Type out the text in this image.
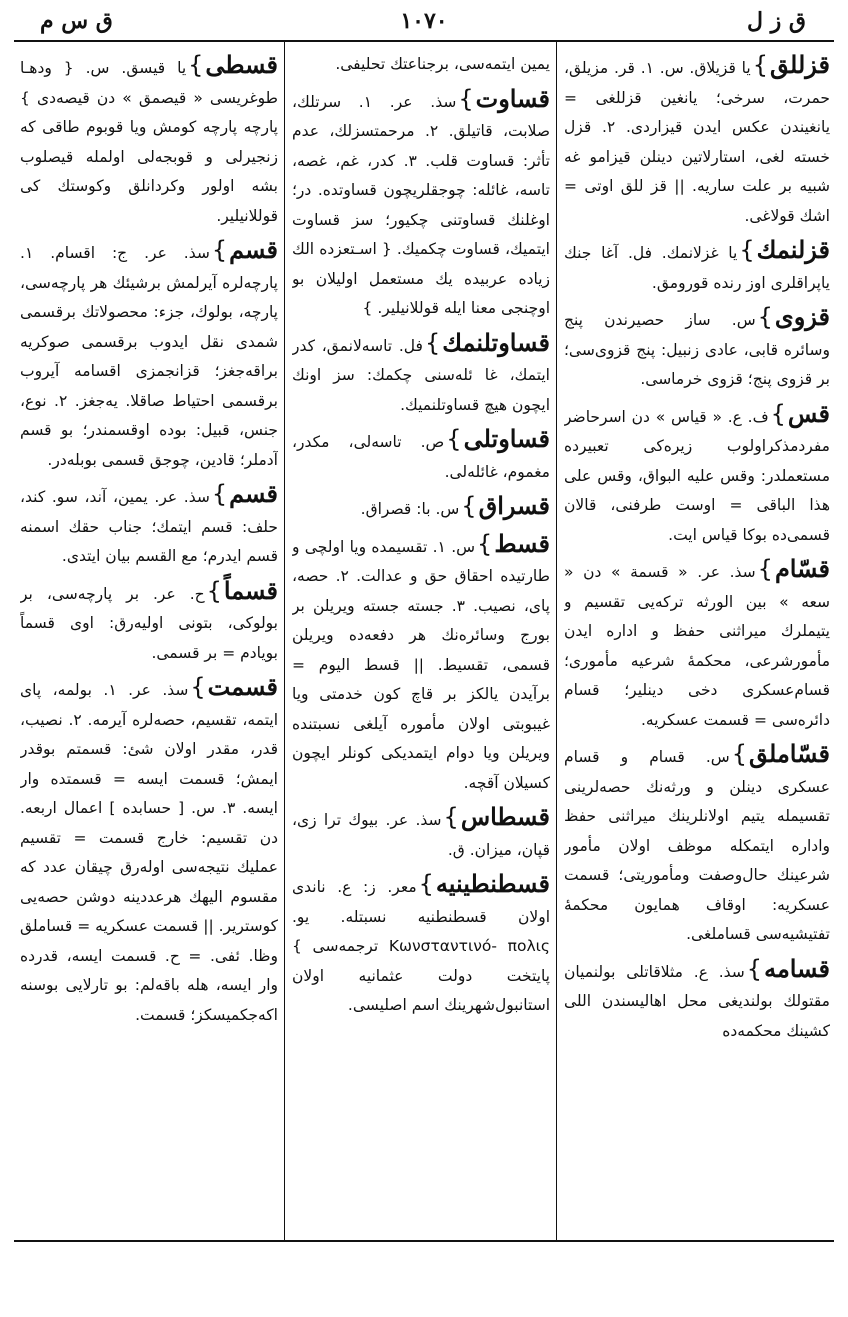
ق س م	١٠٧٠	ق ز ل
قزللق}يا قزيلاق. س. ١. قر. مزيلق، حمرت، سرخى؛ يانغين قزللغى = يانغيندن عكس ايدن قيزاردى. ٢. قزل خسته لغى، استارلاتين دينلن قيزامو غه شبيه بر علت ساريه. || قز للق اوتى = اشك قولاغى.
قزلنمك}يا غزلانمك. فل. آغا جنك ياپراقلرى اوز رنده قورومق.
قزوى}س. ساز حصيرندن پنج وسائره قابى، عادى زنبيل: پنج قزوى‌سى؛ بر قزوى پنج؛ قزوى خرماسى.
قس}ف. ع. « قياس » دن اسرحاضر مفردمذكراولوب زيره‌كى تعبيرده مستعملدر: وقس عليه البواق، وقس على هذا الباقى = اوست طرفنى، قالان قسمى‌ده بوكا قياس ايت.
قسّام}سذ. عر. « قسمة » دن « سعه » بين الورثه تركه‌يى تقسيم و يتيملرك ميراثنى حفظ و اداره ايدن مأمورشرعى، محكمهٔ شرعيه مأمورى؛ قسام‌عسكرى دخى دينلير؛ قسام دائره‌سى = قسمت عسكريه.
قسّاملق}س. قسام و قسام عسكرى دينلن و ورثه‌نك حصه‌لرينى تقسيمله يتيم اولانلرينك ميراثنى حفظ واداره ايتمكله موظف اولان مأمور شرعينك حال‌وصفت ومأموريتى؛ قسمت عسكريه: اوقاف همايون محكمهٔ تفتيشيه‌سى قساملغى.
قسامه}سذ. ع. مثلاقاتلى بولنميان مقتولك بولنديغى محل اهاليسندن اللى كشينك محكمه‌ده
يمين ايتمه‌سى، برجناعتك تحليفى.
قساوت}سذ. عر. ١. سرتلك، صلابت، قاتيلق. ٢. مرحمتسزلك، عدم تأثر: قساوت قلب. ٣. كدر، غم، غصه، تاسه، غائله: چوجقلريچون قساوتده. در؛ اوغلنك قساوتنى چكيور؛ سز قساوت ايتميك، قساوت چكميك. { اسـتعزده الك زياده عربيده يك مستعمل اوليلان بو اوچنجى معنا ايله قوللانيلير. }
قساوتلنمك}فل. تاسه‌لانمق، كدر ايتمك، غا ئله‌سنى چكمك: سز اونك ايچون هيچ قساوتلنميك.
قساوتلى}ص. تاسه‌لى، مكدر، مغموم، غائله‌لى.
قسراق}س. با: قصراق.
قسط}س. ١. تقسيمده ويا اولچى و طارتيده احقاق حق و عدالت. ٢. حصه، پاى، نصيب. ٣. جسته جسته ويريلن بر بورج وسائره‌نك هر دفعه‌ده ويريلن قسمى، تقسيط. || قسط اليوم = برآيدن يالكز بر قاچ كون خدمتى ويا غيبوبتى اولان مأموره آيلغى نسبتنده ويريلن ويا دوام ايتمديكى كونلر ايچون كسيلان آقچه.
قسطاس}سذ. عر. بيوك ترا زى، قپان، ميزان. ق.
قسطنطينيه}معر. ز: ع. ناندى اولان قسطنطنيه نسبتله. يو. Κωνσταντινό- πολις ترجمه‌سى } پايتخت دولت عثمانيه اولان استانبول‌شهرينك اسم اصليسى.
قسطى}يا قيسق. س. { ودهـا طوغريسى « قيصمق » دن قيصه‌دى } پارچه پارچه كومش ويا قوبوم طاقى كه زنجيرلى و قوبجه‌لى اولمله قيصلوب بشه اولور وكردانلق وكوستك كى قوللانيلير.
قسم}سذ. عر. ج: اقسام. ١. پارچه‌لره آيرلمش برشيئك هر پارچه‌سى، پارچه، بولوك، جزء: محصولاتك برقسمى شمدى نقل ايدوب برقسمى صوكريه براقه‌جغز؛ قزانجمزى اقسامه آيروب برقسمى احتياط صاقلا. يه‌جغز. ٢. نوع، جنس، قبيل: بوده اوقسمندر؛ بو قسم آدملر؛ قادين، چوجق قسمى بوبله‌در.
قسم}سذ. عر. يمين، آند، سو. كند، حلف: قسم ايتمك؛ جناب حقك اسمنه قسم ايدرم؛ مع القسم بيان ايتدى.
قسماً}ح. عر. بر پارچه‌سى، بر بولوكى، بتونى اوليه‌رق: اوى قسماً بويادم = بر قسمى.
قسمت}سذ. عر. ١. بولمه، پاى ايتمه، تقسيم، حصه‌لره آيرمه. ٢. نصيب، قدر، مقدر اولان شئ: قسمتم بوقدر ايمش؛ قسمت ايسه = قسمتده وار ايسه. ٣. س. [ حسابده ] اعمال اربعه. دن تقسيم: خارج قسمت = تقسيم عمليك نتيجه‌سى اوله‌رق چيقان عدد كه مقسوم اليهك هرعددينه دوشن حصه‌يى كوسترير. || قسمت عسكريه = قساملق وظا. ئفى. = ح. قسمت ايسه، قدرده وار ايسه، هله باقه‌لم: بو تارلايى بوسنه اكه‌جكميسكز؛ قسمت.
